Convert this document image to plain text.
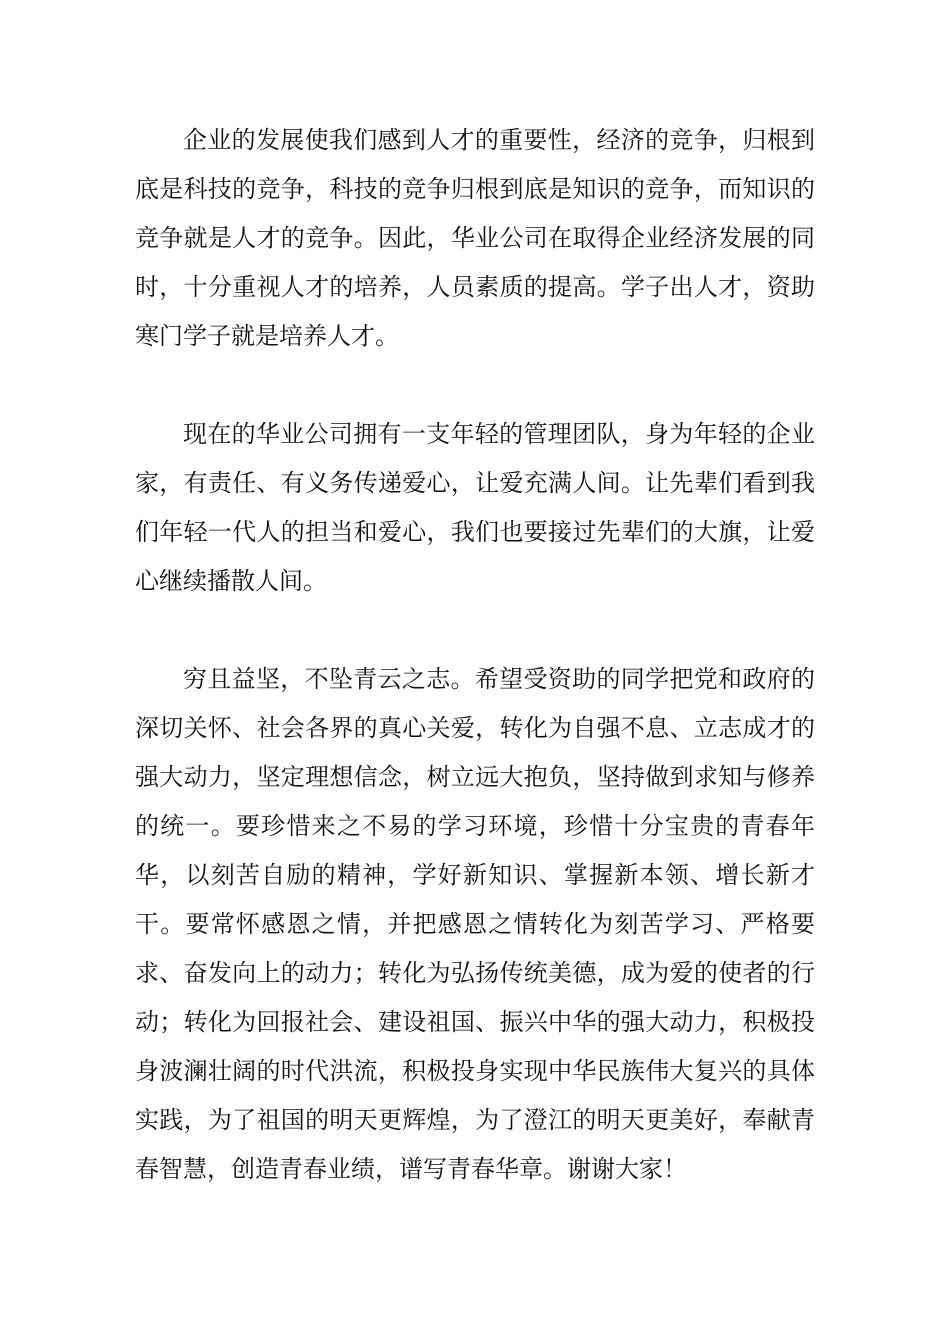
企业的发展使我们感到人才的重要性，经济的竞争，归根到底是科技的竞争，科技的竞争归根到底是知识的竞争，而知识的竞争就是人才的竞争。因此，华业公司在取得企业经济发展的同时，十分重视人才的培养，人员素质的提高。学子出人才，资助寒门学子就是培养人才。

现在的华业公司拥有一支年轻的管理团队，身为年轻的企业家，有责任、有义务传递爱心，让爱充满人间。让先辈们看到我们年轻一代人的担当和爱心，我们也要接过先辈们的大旗，让爱心继续播散人间。

穷且益坚，不坠青云之志。希望受资助的同学把党和政府的深切关怀、社会各界的真心关爱，转化为自强不息、立志成才的强大动力，坚定理想信念，树立远大抱负，坚持做到求知与修养的统一。要珍惜来之不易的学习环境，珍惜十分宝贵的青春年华，以刻苦自励的精神，学好新知识、掌握新本领、增长新才干。要常怀感恩之情，并把感恩之情转化为刻苦学习、严格要求、奋发向上的动力；转化为弘扬传统美德，成为爱的使者的行动；转化为回报社会、建设祖国、振兴中华的强大动力，积极投身波澜壮阔的时代洪流，积极投身实现中华民族伟大复兴的具体实践，为了祖国的明天更辉煌，为了澄江的明天更美好，奉献青春智慧，创造青春业绩，谱写青春华章。谢谢大家！
